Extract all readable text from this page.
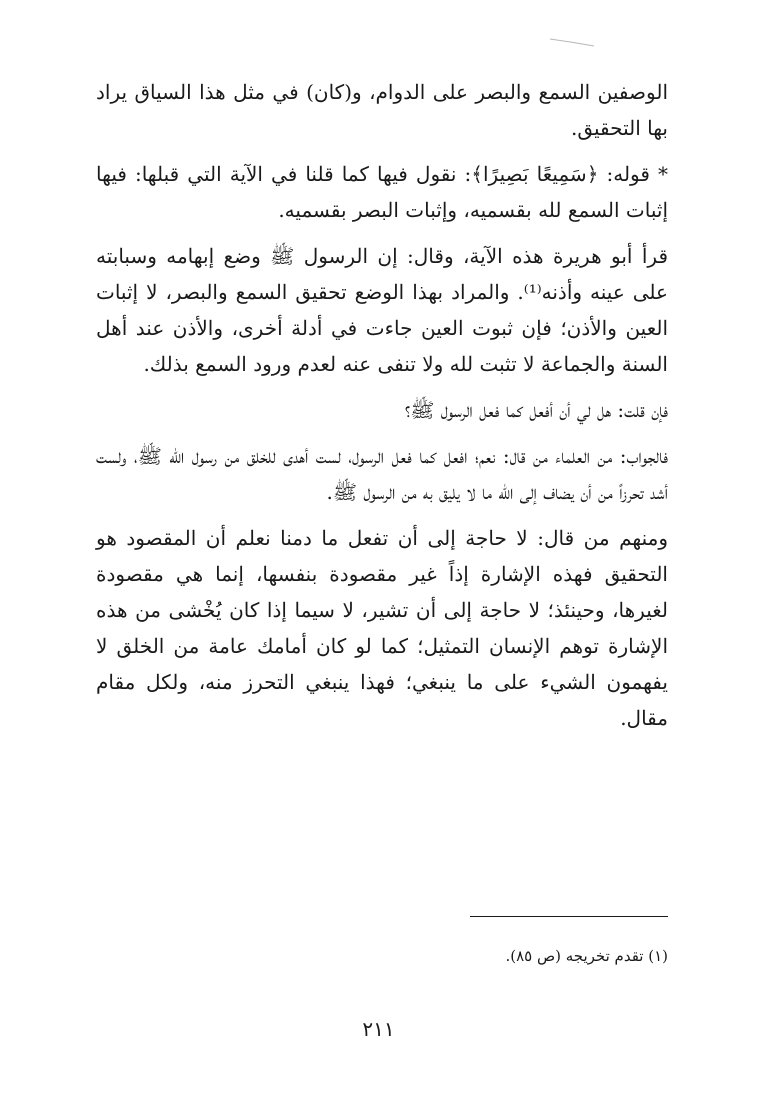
الوصفين السمع والبصر على الدوام، و(كان) في مثل هذا السياق يراد بها التحقيق.

* قوله: ﴿سَمِيعًا بَصِيرًا﴾: نقول فيها كما قلنا في الآية التي قبلها: فيها إثبات السمع لله بقسميه، وإثبات البصر بقسميه.

قرأ أبو هريرة هذه الآية، وقال: إن الرسول ﷺ وضع إبهامه وسبابته على عينه وأذنه⁽¹⁾. والمراد بهذا الوضع تحقيق السمع والبصر، لا إثبات العين والأذن؛ فإن ثبوت العين جاءت في أدلة أخرى، والأذن عند أهل السنة والجماعة لا تثبت لله ولا تنفى عنه لعدم ورود السمع بذلك.

فإن قلت: هل لي أن أفعل كما فعل الرسول ﷺ؟

فالجواب: من العلماء من قال: نعم؛ افعل كما فعل الرسول، لست أهدى للخلق من رسول الله ﷺ، ولست أشد تحرزاً من أن يضاف إلى الله ما لا يليق به من الرسول ﷺ.

ومنهم من قال: لا حاجة إلى أن تفعل ما دمنا نعلم أن المقصود هو التحقيق فهذه الإشارة إذاً غير مقصودة بنفسها، إنما هي مقصودة لغيرها، وحينئذ؛ لا حاجة إلى أن تشير، لا سيما إذا كان يُخْشى من هذه الإشارة توهم الإنسان التمثيل؛ كما لو كان أمامك عامة من الخلق لا يفهمون الشيء على ما ينبغي؛ فهذا ينبغي التحرز منه، ولكل مقام مقال.

(١) تقدم تخريجه (ص ٨٥).
٢١١
